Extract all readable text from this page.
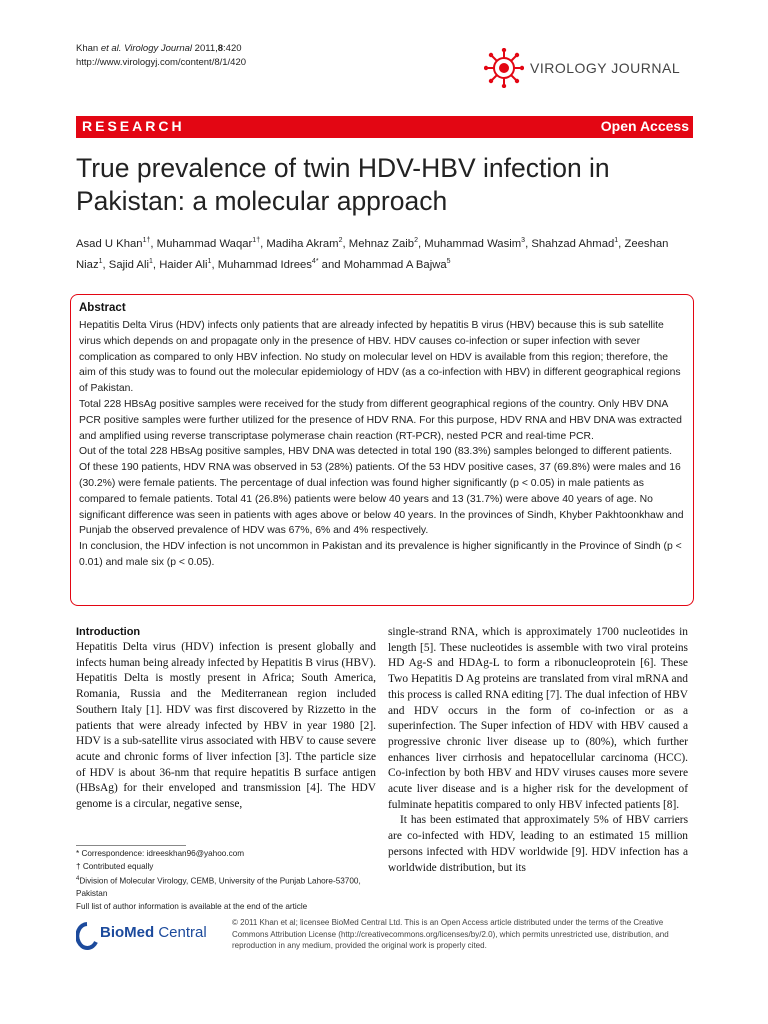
Khan et al. Virology Journal 2011,8:420
http://www.virologyj.com/content/8/1/420	VIROLOGY JOURNAL
RESEARCH	Open Access
True prevalence of twin HDV-HBV infection in Pakistan: a molecular approach
Asad U Khan$^{1\dagger}$, Muhammad Waqar$^{1\dagger}$, Madiha Akram$^2$, Mehnaz Zaib$^2$, Muhammad Wasim$^3$, Shahzad Ahmad$^1$, Zeeshan Niaz$^1$, Sajid Ali$^1$, Haider Ali$^1$, Muhammad Idrees$^{4*}$ and Mohammad A Bajwa$^5$
Abstract

Hepatitis Delta Virus (HDV) infects only patients that are already infected by hepatitis B virus (HBV) because this is sub satellite virus which depends on and propagate only in the presence of HBV. HDV causes co-infection or super infection with sever complication as compared to only HBV infection. No study on molecular level on HDV is available from this region; therefore, the aim of this study was to found out the molecular epidemiology of HDV (as a co-infection with HBV) in different geographical regions of Pakistan.

Total 228 HBsAg positive samples were received for the study from different geographical regions of the country. Only HBV DNA PCR positive samples were further utilized for the presence of HDV RNA. For this purpose, HDV RNA and HBV DNA was extracted and amplified using reverse transcriptase polymerase chain reaction (RT-PCR), nested PCR and real-time PCR.

Out of the total 228 HBsAg positive samples, HBV DNA was detected in total 190 (83.3%) samples belonged to different patients. Of these 190 patients, HDV RNA was observed in 53 (28%) patients. Of the 53 HDV positive cases, 37 (69.8%) were males and 16 (30.2%) were female patients. The percentage of dual infection was found higher significantly (p < 0.05) in male patients as compared to female patients. Total 41 (26.8%) patients were below 40 years and 13 (31.7%) were above 40 years of age. No significant difference was seen in patients with ages above or below 40 years. In the provinces of Sindh, Khyber Pakhtoonkhaw and Punjab the observed prevalence of HDV was 67%, 6% and 4% respectively.

In conclusion, the HDV infection is not uncommon in Pakistan and its prevalence is higher significantly in the Province of Sindh (p < 0.01) and male six (p < 0.05).

Introduction

Hepatitis Delta virus (HDV) infection is present globally and infects human being already infected by Hepatitis B virus (HBV). Hepatitis Delta is mostly present in Africa; South America, Romania, Russia and the Mediterranean region included Southern Italy [1]. HDV was first discovered by Rizzetto in the patients that were already infected by HBV in year 1980 [2]. HDV is a sub-satellite virus associated with HBV to cause severe acute and chronic forms of liver infection [3]. Tthe particle size of HDV is about 36-nm that require hepatitis B surface antigen (HBsAg) for their enveloped and transmission [4]. The HDV genome is a circular, negative sense,

single-strand RNA, which is approximately 1700 nucleotides in length [5]. These nucleotides is assemble with two viral proteins HD Ag-S and HDAg-L to form a ribonucleoprotein [6]. These Two Hepatitis D Ag proteins are translated from viral mRNA and this process is called RNA editing [7]. The dual infection of HBV and HDV occurs in the form of co-infection or as a superinfection. The Super infection of HDV with HBV caused a progressive chronic liver disease up to (80%), which further enhances liver cirrhosis and hepatocellular carcinoma (HCC). Co-infection by both HBV and HDV viruses causes more severe acute liver disease and is a higher risk for the development of fulminate hepatitis compared to only HBV infected patients [8].

It has been estimated that approximately 5% of HBV carriers are co-infected with HDV, leading to an estimated 15 million persons infected with HDV worldwide [9]. HDV infection has a worldwide distribution, but its

* Correspondence: idreeskhan96@yahoo.com
† Contributed equally
$^4$Division of Molecular Virology, CEMB, University of the Punjab Lahore-53700, Pakistan
Full list of author information is available at the end of the article
BioMed Central
© 2011 Khan et al; licensee BioMed Central Ltd. This is an Open Access article distributed under the terms of the Creative Commons Attribution License (http://creativecommons.org/licenses/by/2.0), which permits unrestricted use, distribution, and reproduction in any medium, provided the original work is properly cited.
